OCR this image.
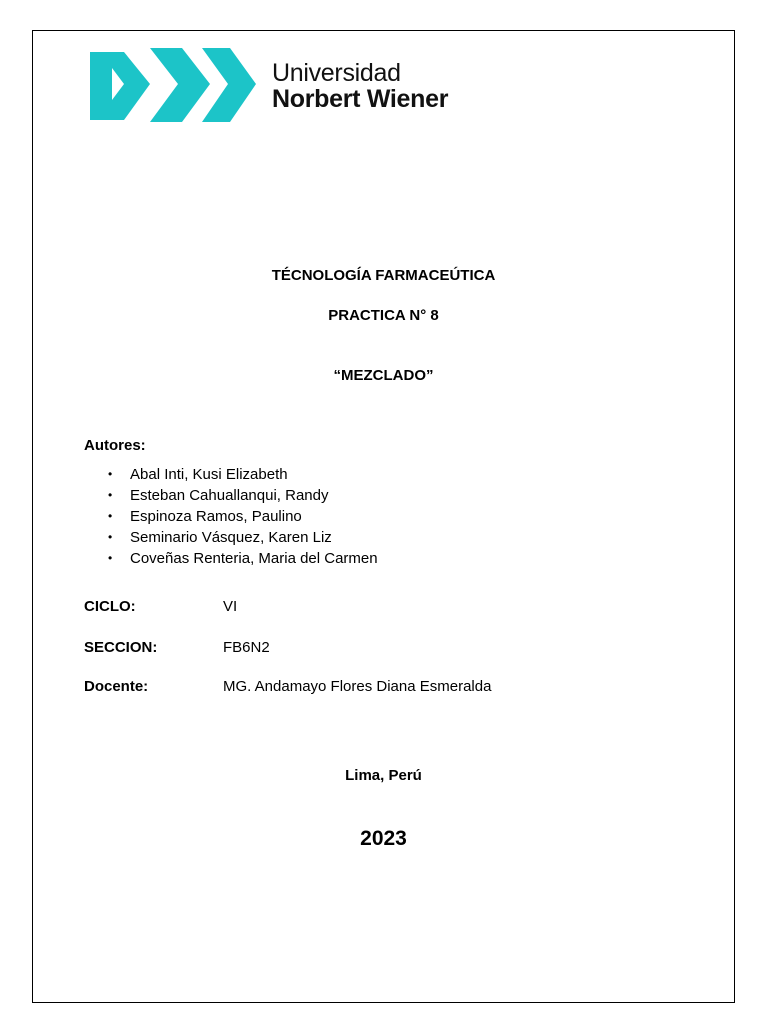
Universidad
Norbert Wiener
TÉCNOLOGÍA FARMACEÚTICA
PRACTICA N° 8
“MEZCLADO”
Autores:
• Abal Inti, Kusi Elizabeth
• Esteban Cahuallanqui, Randy
• Espinoza Ramos, Paulino
• Seminario Vásquez, Karen Liz
• Coveñas Renteria, Maria del Carmen
CICLO:	VI
SECCION:	FB6N2
Docente:	MG. Andamayo Flores Diana Esmeralda
Lima, Perú
2023
